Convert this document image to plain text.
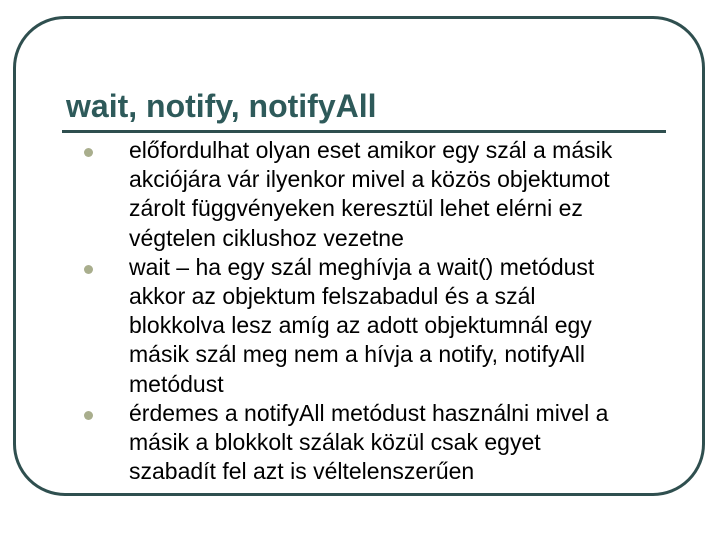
wait, notify, notifyAll
előfordulhat olyan eset amikor egy szál a másik
akciójára vár ilyenkor mivel a közös objektumot
zárolt függvényeken keresztül lehet elérni ez
végtelen ciklushoz vezetne
wait – ha egy szál meghívja a wait() metódust
akkor az objektum felszabadul és a szál
blokkolva lesz amíg az adott objektumnál egy
másik szál meg nem a hívja a notify, notifyAll
metódust
érdemes a notifyAll metódust használni mivel a
másik a blokkolt szálak közül csak egyet
szabadít fel azt is véltelenszerűen
